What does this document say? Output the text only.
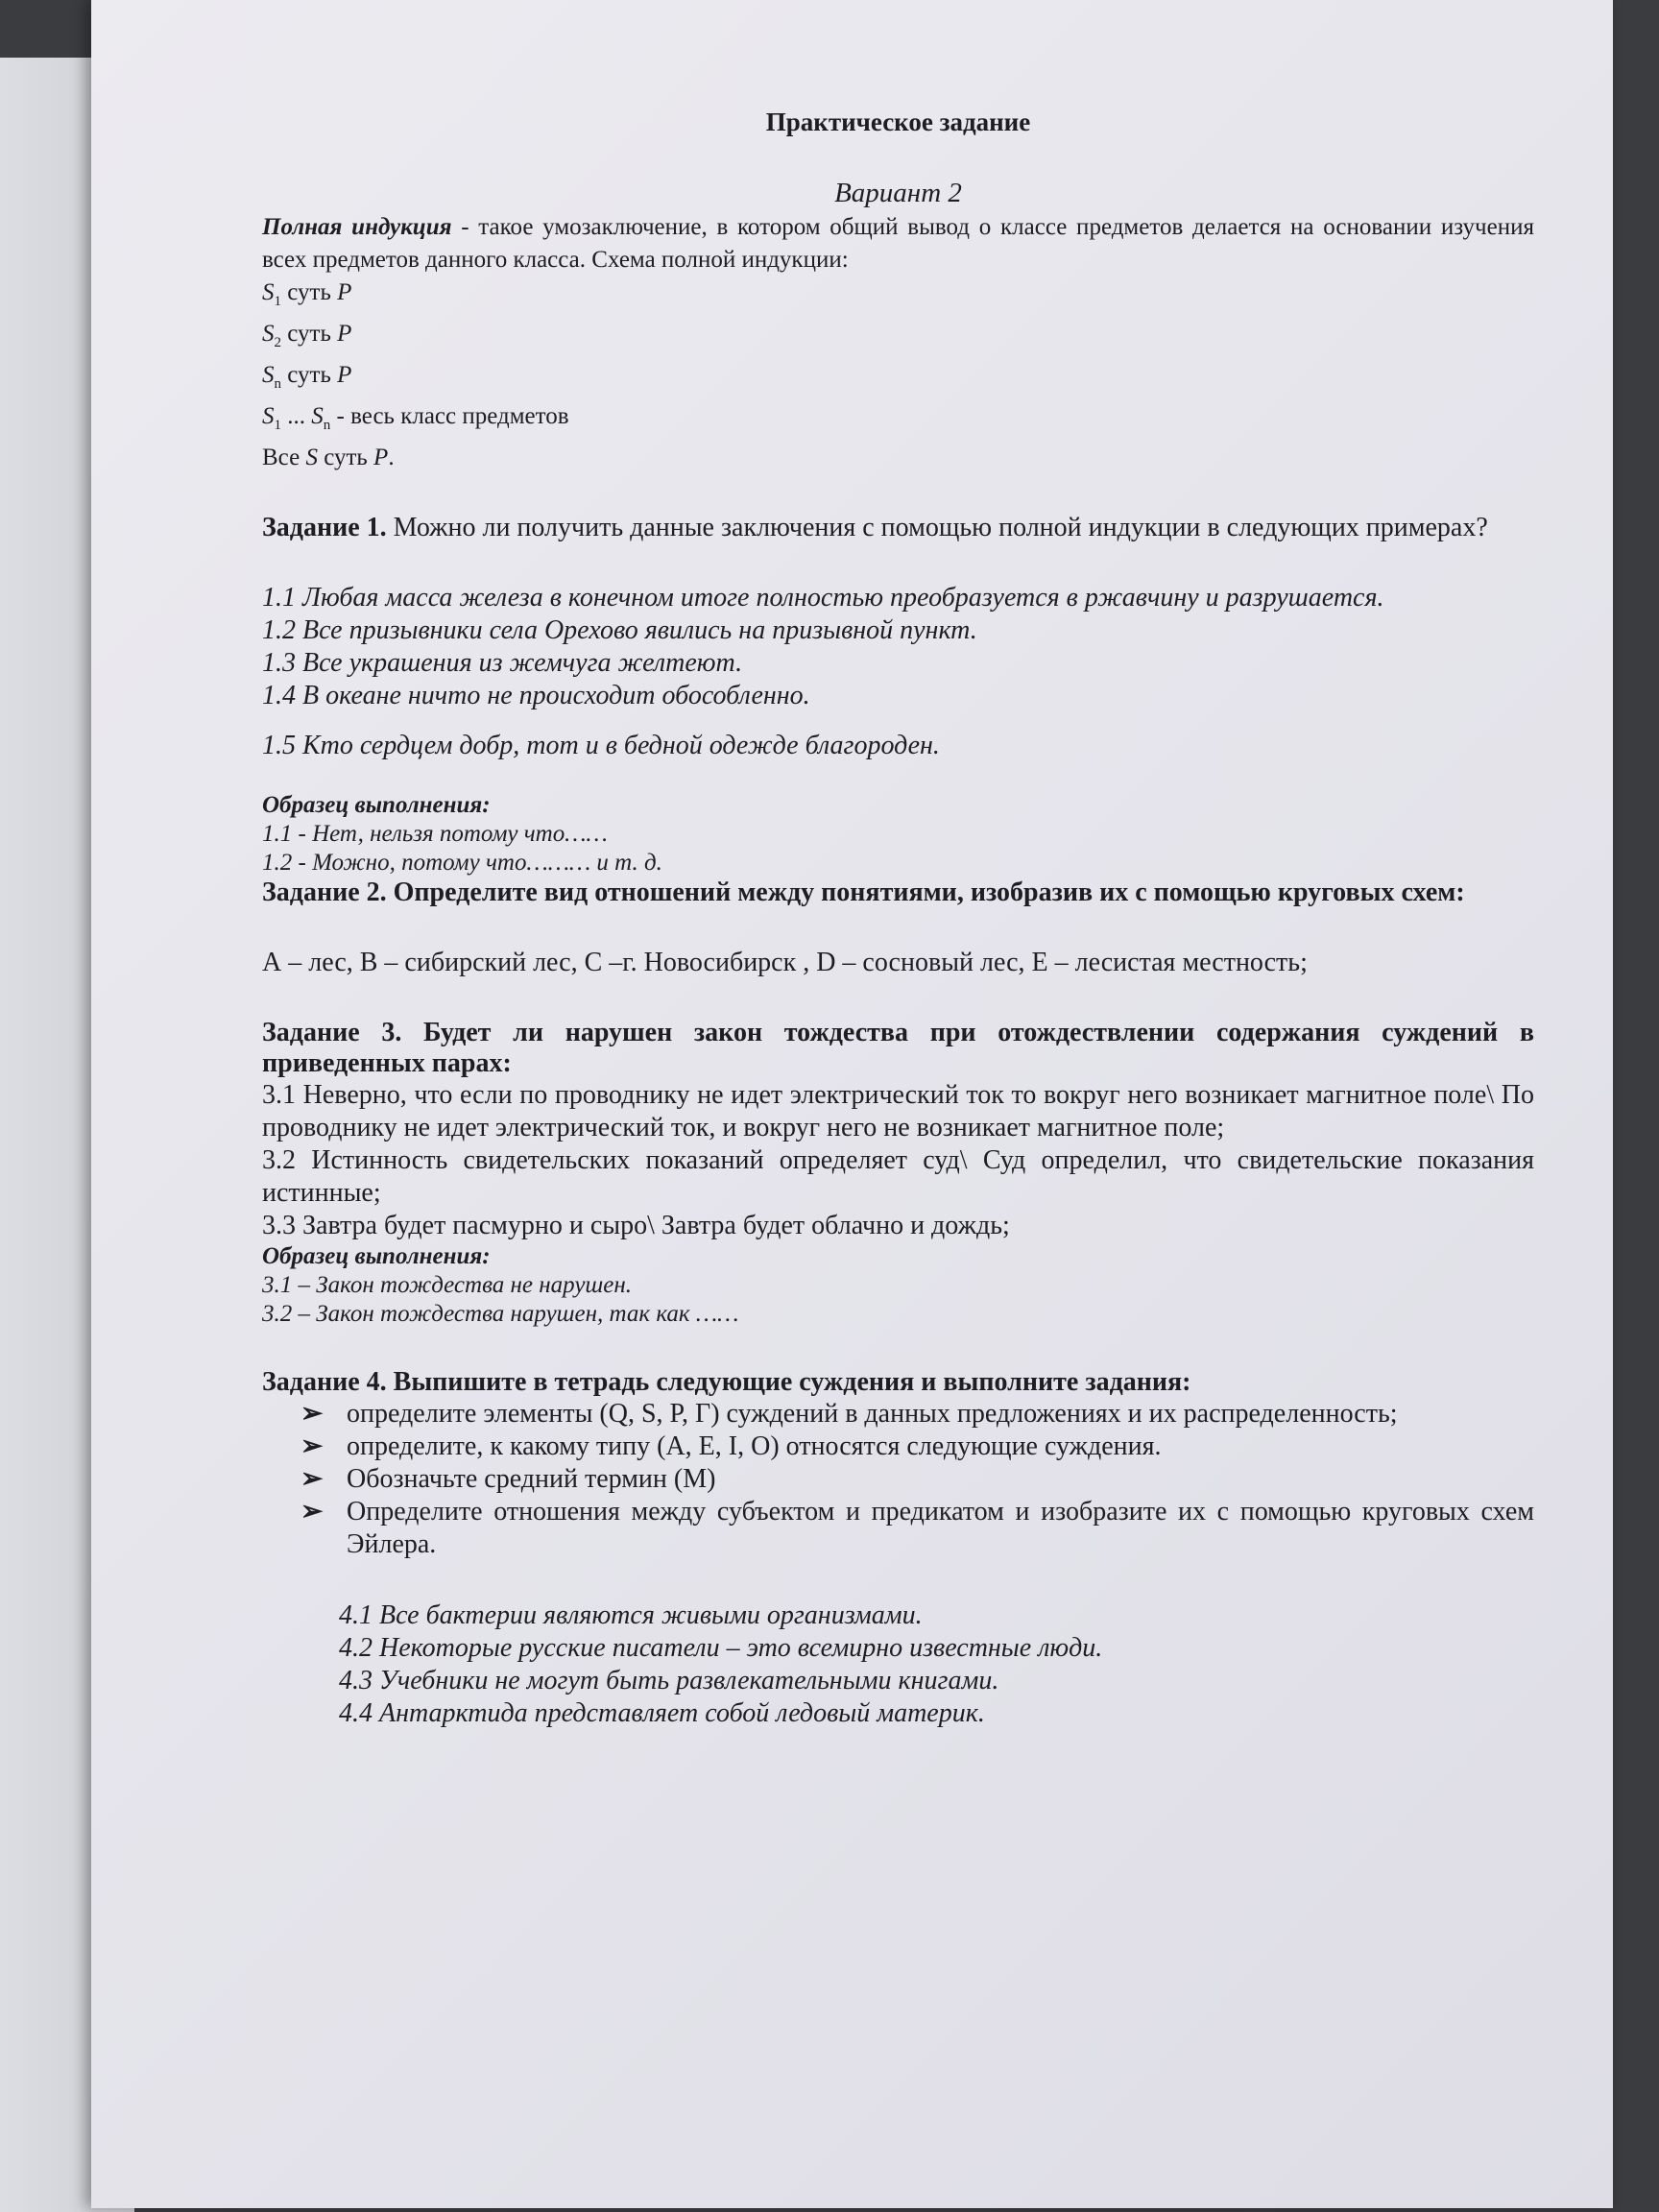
Практическое задание

Вариант 2

Полная индукция - такое умозаключение, в котором общий вывод о классе предметов делается на основании изучения всех предметов данного класса. Схема полной индукции:

$S_1$ суть P

$S_2$ суть P

$S_n$ суть P

$S_1$ ... $S_n$ - весь класс предметов

Все S суть P.

Задание 1. Можно ли получить данные заключения с помощью полной индукции в следующих примерах?

1.1 Любая масса железа в конечном итоге полностью преобразуется в ржавчину и разрушается.

1.2 Все призывники села Орехово явились на призывной пункт.

1.3 Все украшения из жемчуга желтеют.

1.4 В океане ничто не происходит обособленно.

1.5 Кто сердцем добр, тот и в бедной одежде благороден.

Образец выполнения:

1.1 - Нет, нельзя потому что……

1.2 - Можно, потому что……… и т. д.

Задание 2. Определите вид отношений между понятиями, изобразив их с помощью круговых схем:

А – лес, В – сибирский лес, С –г. Новосибирск , D – сосновый лес, Е – лесистая местность;

Задание 3. Будет ли нарушен закон тождества при отождествлении содержания суждений в приведенных парах:

3.1 Неверно, что если по проводнику не идет электрический ток то вокруг него возникает магнитное поле\ По проводнику не идет электрический ток, и вокруг него не возникает магнитное поле;

3.2 Истинность свидетельских показаний определяет суд\ Суд определил, что свидетельские показания истинные;

3.3 Завтра будет пасмурно и сыро\ Завтра будет облачно и дождь;

Образец выполнения:

3.1 – Закон тождества не нарушен.

3.2 – Закон тождества нарушен, так как ……

Задание 4. Выпишите в тетрадь следующие суждения и выполните задания:

➢ определите элементы (Q, S, P, Г) суждений в данных предложениях и их распределенность;
➢ определите, к какому типу (А, Е, I, О) относятся следующие суждения.
➢ Обозначьте средний термин (М)
➢ Определите отношения между субъектом и предикатом и изобразите их с помощью круговых схем Эйлера.

4.1 Все бактерии являются живыми организмами.

4.2 Некоторые русские писатели – это всемирно известные люди.

4.3 Учебники не могут быть развлекательными книгами.

4.4 Антарктида представляет собой ледовый материк.
